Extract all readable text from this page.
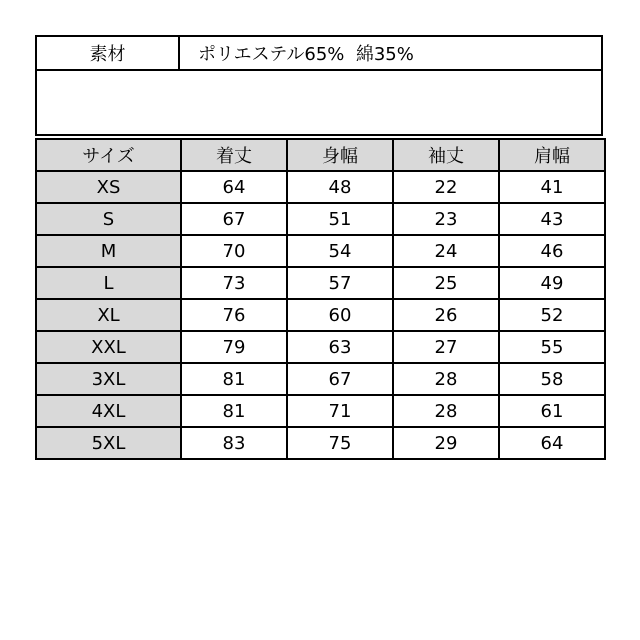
素材	ポリエステル65%  綿35%
サイズ	着丈	身幅	袖丈	肩幅
XS	64	48	22	41
S	67	51	23	43
M	70	54	24	46
L	73	57	25	49
XL	76	60	26	52
XXL	79	63	27	55
3XL	81	67	28	58
4XL	81	71	28	61
5XL	83	75	29	64
